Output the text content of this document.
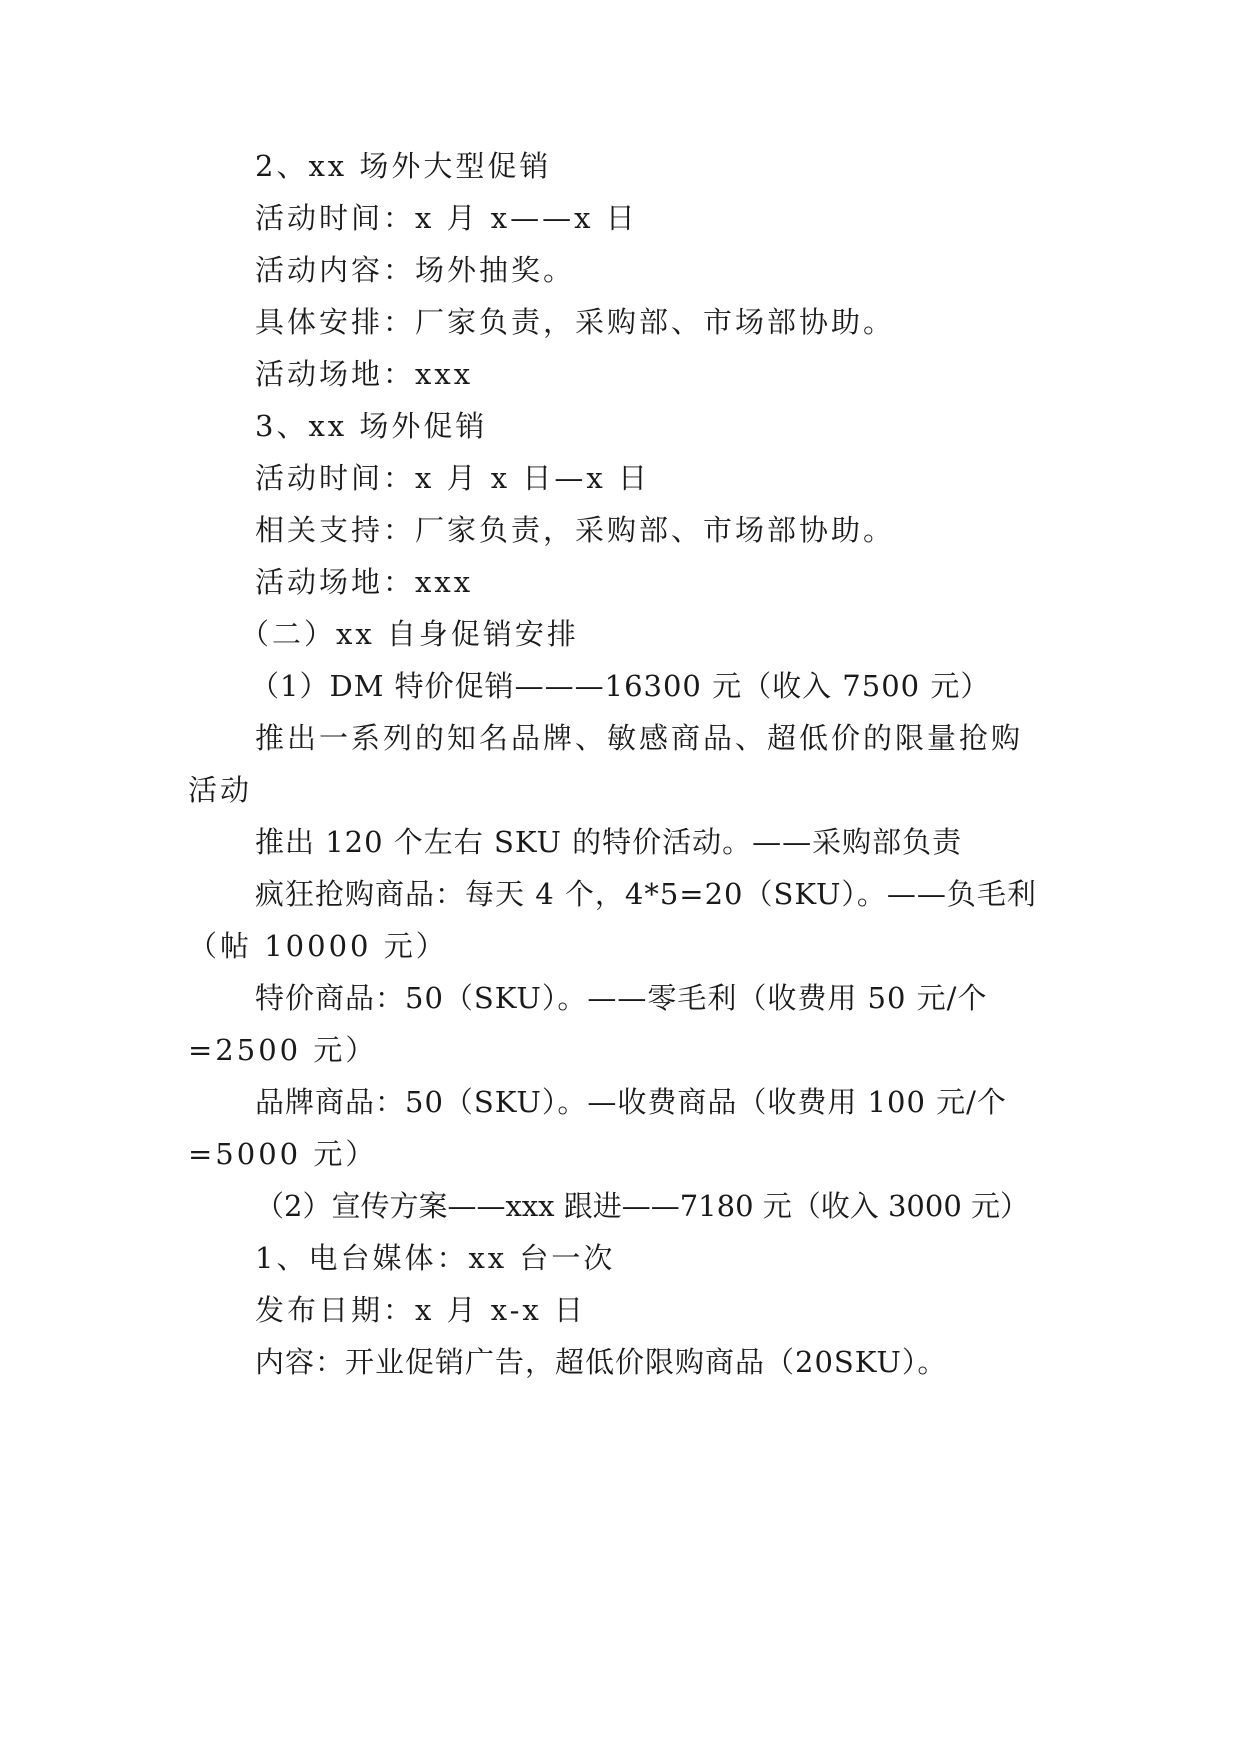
2、xx 场外大型促销
活动时间：x 月 x——x 日
活动内容：场外抽奖。
具体安排：厂家负责，采购部、市场部协助。
活动场地：xxx
3、xx 场外促销
活动时间：x 月 x 日—x 日
相关支持：厂家负责，采购部、市场部协助。
活动场地：xxx
（二）xx 自身促销安排
（1）DM 特价促销———16300 元（收入 7500 元）
推出一系列的知名品牌、敏感商品、超低价的限量抢购
活动
推出 120 个左右 SKU 的特价活动。——采购部负责
疯狂抢购商品：每天 4 个，4*5=20（SKU）。——负毛利
（帖 10000 元）
特价商品：50（SKU）。——零毛利（收费用 50 元/个
=2500 元）
品牌商品：50（SKU）。—收费商品（收费用 100 元/个
=5000 元）
（2）宣传方案——xxx 跟进——7180 元（收入 3000 元）
1、电台媒体：xx 台一次
发布日期：x 月 x-x 日
内容：开业促销广告，超低价限购商品（20SKU）。
